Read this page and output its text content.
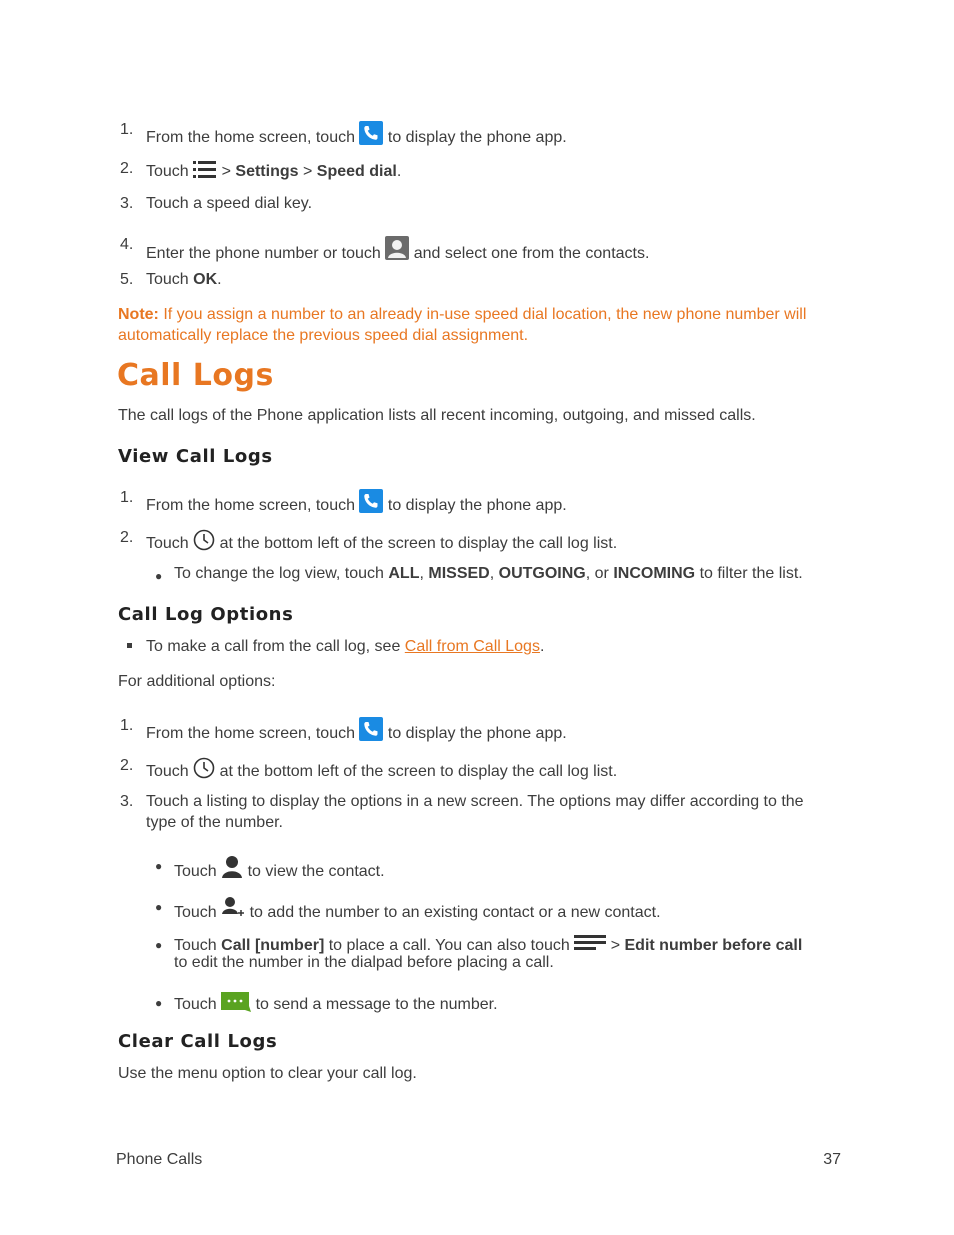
1. From the home screen, touch to display the phone app.
2. Touch > Settings > Speed dial.
3. Touch a speed dial key.
4.
Enter the phone number or touch and select one from the contacts.
5. Touch OK.
Note: If you assign a number to an already in-use speed dial location, the new phone number will
automatically replace the previous speed dial assignment.
Call Logs
The call logs of the Phone application lists all recent incoming, outgoing, and missed calls.
View Call Logs
1. From the home screen, touch to display the phone app.
2. Touch at the bottom left of the screen to display the call log list.
● To change the log view, touch ALL, MISSED, OUTGOING, or INCOMING to filter the list.
Call Log Options
To make a call from the call log, see Call from Call Logs.
For additional options:
1. From the home screen, touch to display the phone app.
2. Touch at the bottom left of the screen to display the call log list.
3. Touch a listing to display the options in a new screen. The options may differ according to the
type of the number.
● Touch to view the contact.
● Touch to add the number to an existing contact or a new contact.
● Touch Call [number] to place a call. You can also touch	> Edit number before call
to edit the number in the dialpad before placing a call.
● Touch to send a message to the number.
Clear Call Logs
Use the menu option to clear your call log.
Phone Calls	37
